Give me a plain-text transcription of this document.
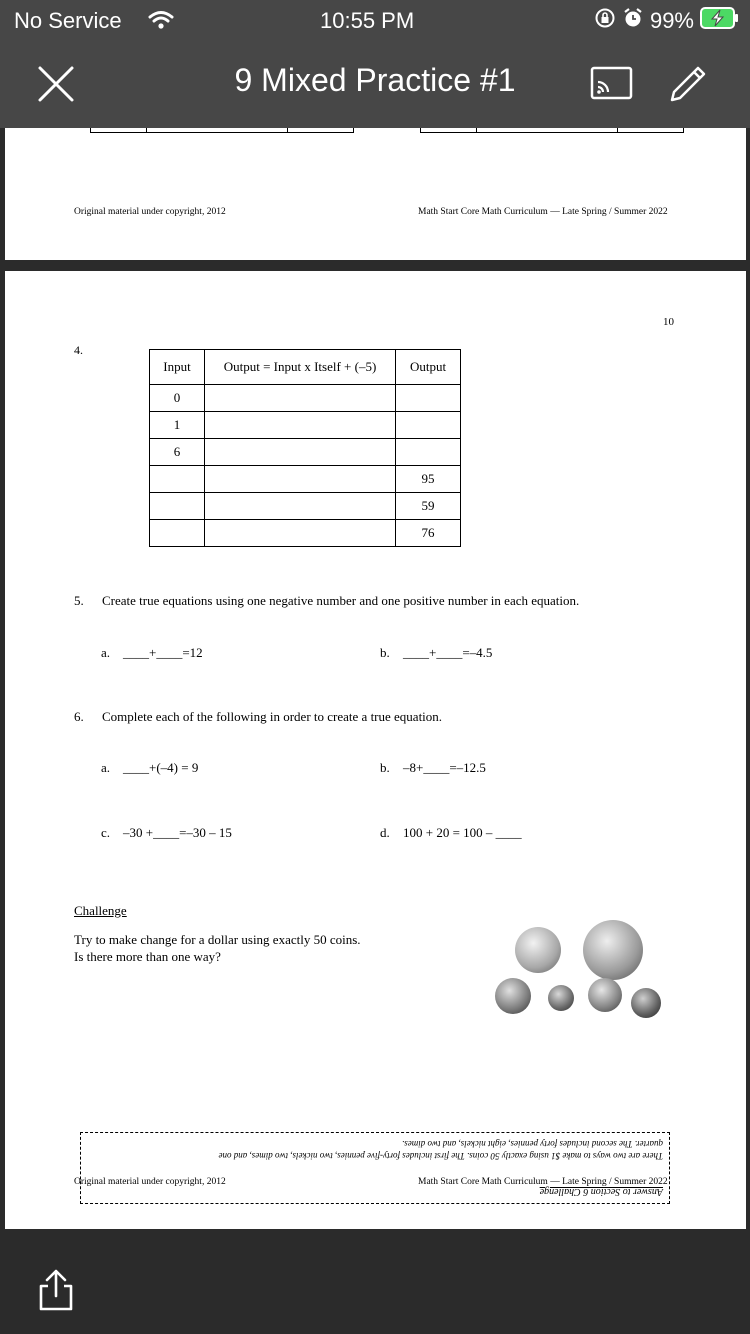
No Service	10:55 PM	99%
9 Mixed Practice #1
Original material under copyright, 2012	Math Start Core Math Curriculum — Late Spring / Summer 2022
10
4.
Input	Output = Input x Itself + (–5)	Output
0		
1		
6		
		95
		59
		76
5. Create true equations using one negative number and one positive number in each equation.
a. ____+____=12	b. ____+____=–4.5
6. Complete each of the following in order to create a true equation.
a. ____+(–4) = 9	b. –8+____=–12.5
c. –30 +____=–30 – 15	d. 100 + 20 = 100 – ____
Challenge
Try to make change for a dollar using exactly 50 coins.
Is there more than one way?
Answer to Section 6 Challenge
There are two ways to make $1 using exactly 50 coins. The first includes forty-five pennies, two nickels, two dimes, and one
quarter. The second includes forty pennies, eight nickels, and two dimes.
Original material under copyright, 2012	Math Start Core Math Curriculum — Late Spring / Summer 2022
